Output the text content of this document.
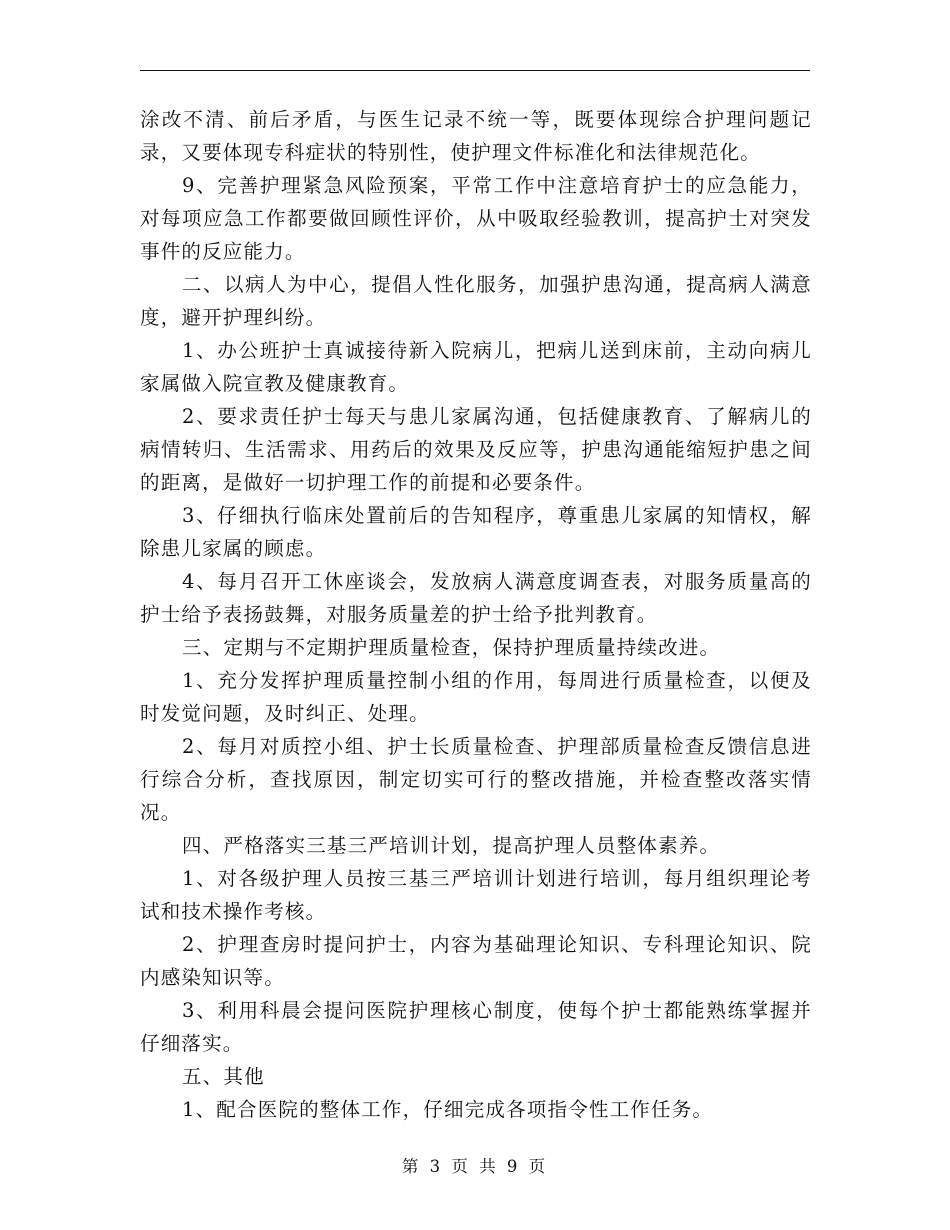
涂改不清、前后矛盾，与医生记录不统一等，既要体现综合护理问题记录，又要体现专科症状的特别性，使护理文件标准化和法律规范化。

9、完善护理紧急风险预案，平常工作中注意培育护士的应急能力，对每项应急工作都要做回顾性评价，从中吸取经验教训，提高护士对突发事件的反应能力。

二、以病人为中心，提倡人性化服务，加强护患沟通，提高病人满意度，避开护理纠纷。

1、办公班护士真诚接待新入院病儿，把病儿送到床前，主动向病儿家属做入院宣教及健康教育。

2、要求责任护士每天与患儿家属沟通，包括健康教育、了解病儿的病情转归、生活需求、用药后的效果及反应等，护患沟通能缩短护患之间的距离，是做好一切护理工作的前提和必要条件。

3、仔细执行临床处置前后的告知程序，尊重患儿家属的知情权，解除患儿家属的顾虑。

4、每月召开工休座谈会，发放病人满意度调查表，对服务质量高的护士给予表扬鼓舞，对服务质量差的护士给予批判教育。

三、定期与不定期护理质量检查，保持护理质量持续改进。

1、充分发挥护理质量控制小组的作用，每周进行质量检查，以便及时发觉问题，及时纠正、处理。

2、每月对质控小组、护士长质量检查、护理部质量检查反馈信息进行综合分析，查找原因，制定切实可行的整改措施，并检查整改落实情况。

四、严格落实三基三严培训计划，提高护理人员整体素养。

1、对各级护理人员按三基三严培训计划进行培训，每月组织理论考试和技术操作考核。

2、护理查房时提问护士，内容为基础理论知识、专科理论知识、院内感染知识等。

3、利用科晨会提问医院护理核心制度，使每个护士都能熟练掌握并仔细落实。

五、其他

1、配合医院的整体工作，仔细完成各项指令性工作任务。

第 3 页 共 9 页
